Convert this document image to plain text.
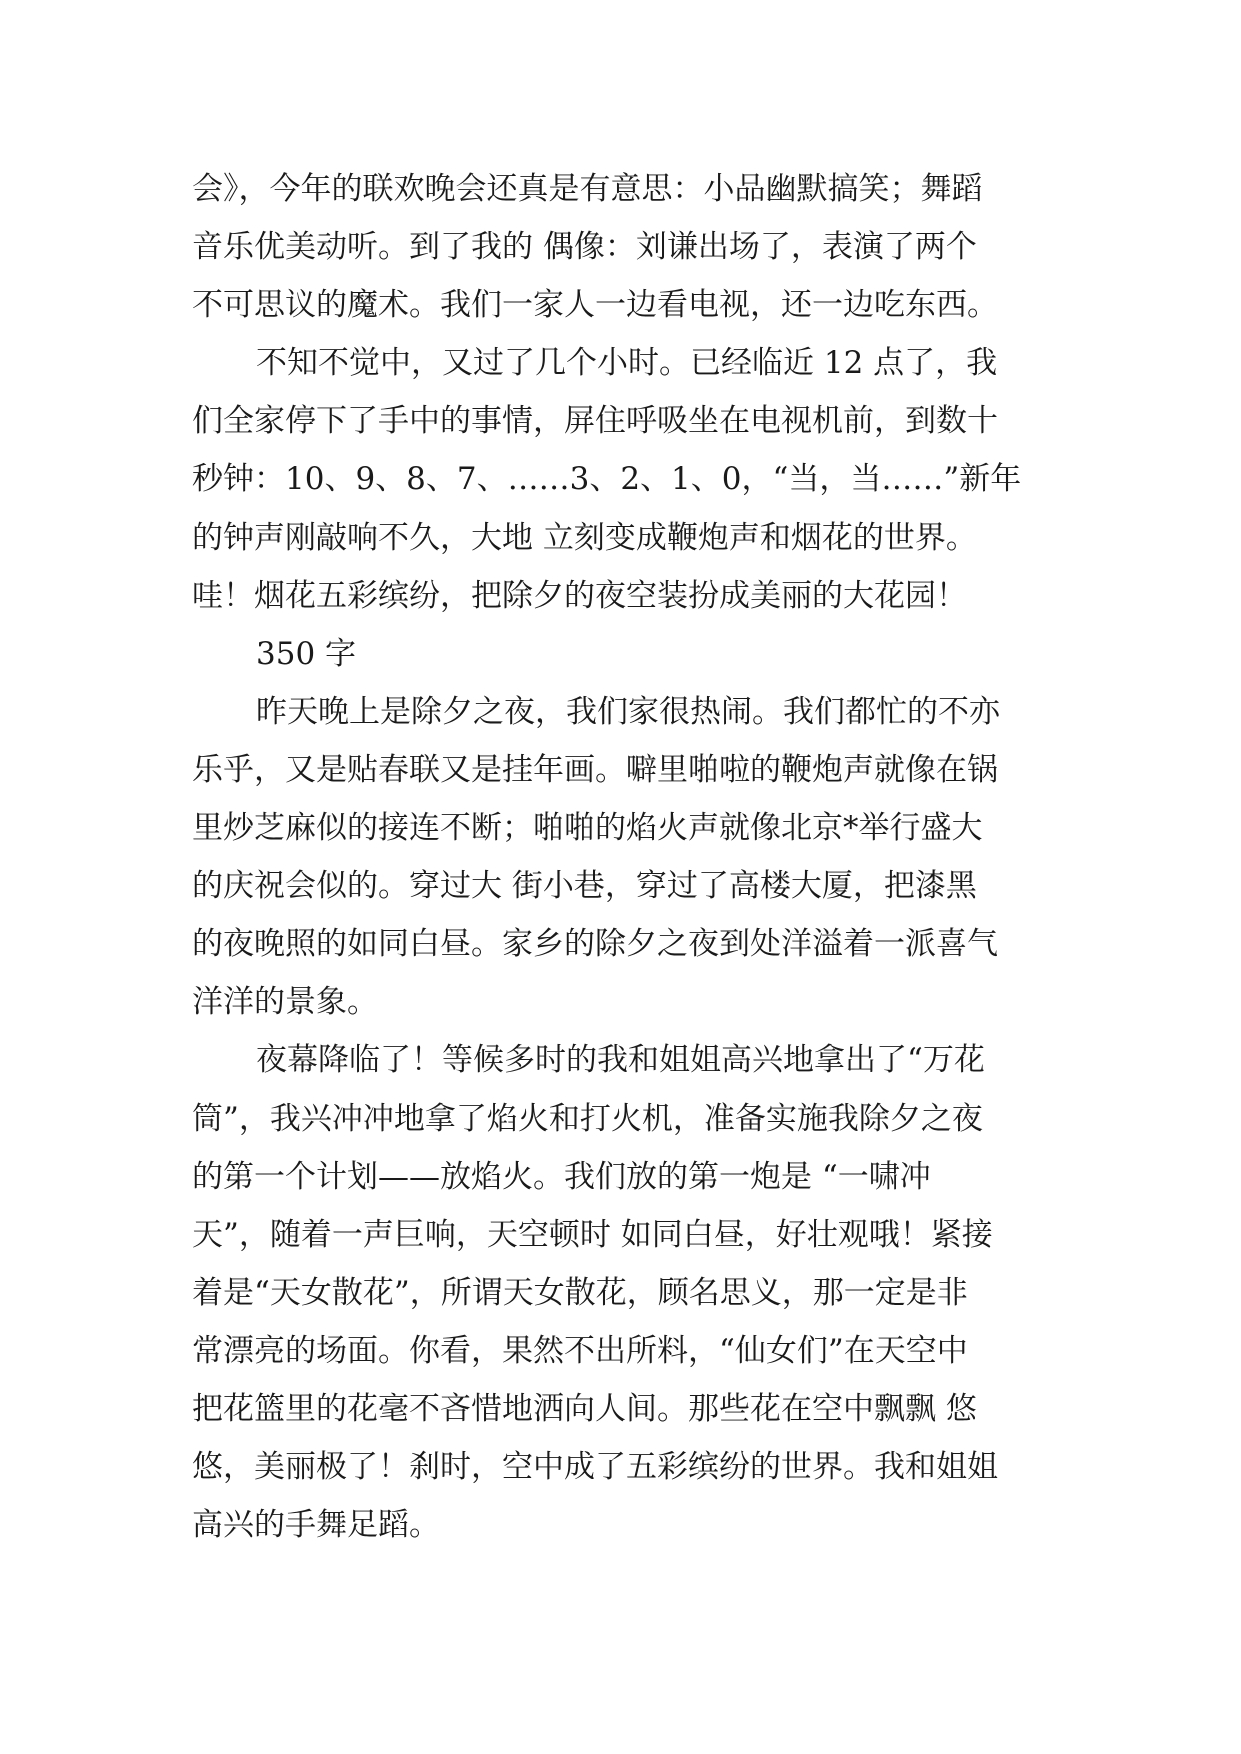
会》，今年的联欢晚会还真是有意思：小品幽默搞笑；舞蹈
音乐优美动听。到了我的 偶像：刘谦出场了，表演了两个
不可思议的魔术。我们一家人一边看电视，还一边吃东西。
不知不觉中，又过了几个小时。已经临近 12 点了，我
们全家停下了手中的事情，屏住呼吸坐在电视机前，到数十
秒钟：10、9、8、7、……3、2、1、0，“当，当……”新年
的钟声刚敲响不久，大地 立刻变成鞭炮声和烟花的世界。
哇！烟花五彩缤纷，把除夕的夜空装扮成美丽的大花园！
350 字
昨天晚上是除夕之夜，我们家很热闹。我们都忙的不亦
乐乎，又是贴春联又是挂年画。噼里啪啦的鞭炮声就像在锅
里炒芝麻似的接连不断；啪啪的焰火声就像北京*举行盛大
的庆祝会似的。穿过大 街小巷，穿过了高楼大厦，把漆黑
的夜晚照的如同白昼。家乡的除夕之夜到处洋溢着一派喜气
洋洋的景象。
夜幕降临了！等候多时的我和姐姐高兴地拿出了“万花
筒”，我兴冲冲地拿了焰火和打火机，准备实施我除夕之夜
的第一个计划——放焰火。我们放的第一炮是 “一啸冲
天”，随着一声巨响，天空顿时 如同白昼，好壮观哦！紧接
着是“天女散花”，所谓天女散花，顾名思义，那一定是非
常漂亮的场面。你看，果然不出所料，“仙女们”在天空中
把花篮里的花毫不吝惜地洒向人间。那些花在空中飘飘 悠
悠，美丽极了！刹时，空中成了五彩缤纷的世界。我和姐姐
高兴的手舞足蹈。
